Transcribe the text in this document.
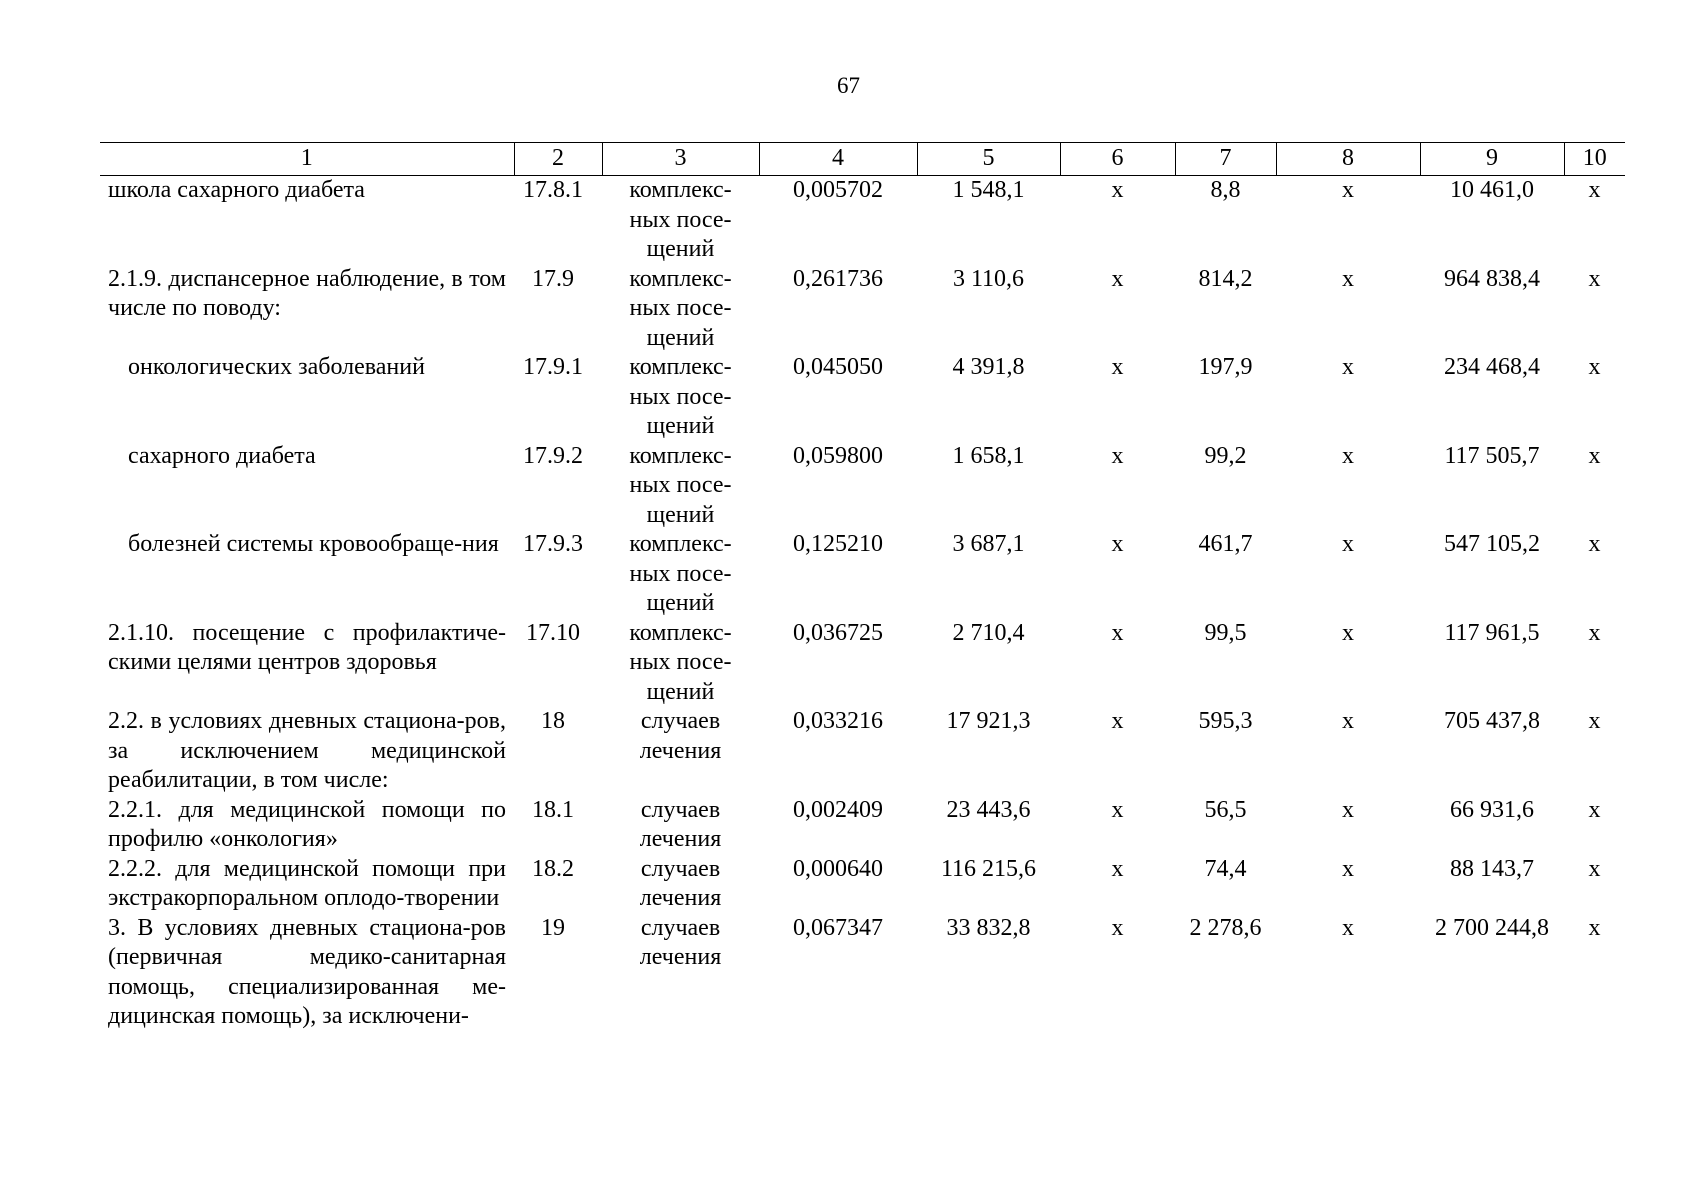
67
1	2	3	4	5	6	7	8	9	10
школа сахарного диабета	17.8.1	комплекс-
ных посе-
щений	0,005702	1 548,1	х	8,8	х	10 461,0	х
2.1.9. диспансерное наблюдение, в том числе по поводу:	17.9	комплекс-
ных посе-
щений	0,261736	3 110,6	х	814,2	х	964 838,4	х
онкологических заболеваний	17.9.1	комплекс-
ных посе-
щений	0,045050	4 391,8	х	197,9	х	234 468,4	х
сахарного диабета	17.9.2	комплекс-
ных посе-
щений	0,059800	1 658,1	х	99,2	х	117 505,7	х
болезней системы кровообраще-ния	17.9.3	комплекс-
ных посе-
щений	0,125210	3 687,1	х	461,7	х	547 105,2	х
2.1.10. посещение с профилактиче-скими целями центров здоровья	17.10	комплекс-
ных посе-
щений	0,036725	2 710,4	х	99,5	х	117 961,5	х
2.2. в условиях дневных стациона-ров, за исключением медицинской реабилитации, в том числе:	18	случаев
лечения	0,033216	17 921,3	х	595,3	х	705 437,8	х
2.2.1. для медицинской помощи по профилю «онкология»	18.1	случаев
лечения	0,002409	23 443,6	х	56,5	х	66 931,6	х
2.2.2. для медицинской помощи при экстракорпоральном оплодо-творении	18.2	случаев
лечения	0,000640	116 215,6	х	74,4	х	88 143,7	х
3. В условиях дневных стациона-ров (первичная медико-санитарная помощь, специализированная ме-дицинская помощь), за исключени-	19	случаев
лечения	0,067347	33 832,8	х	2 278,6	х	2 700 244,8	х
